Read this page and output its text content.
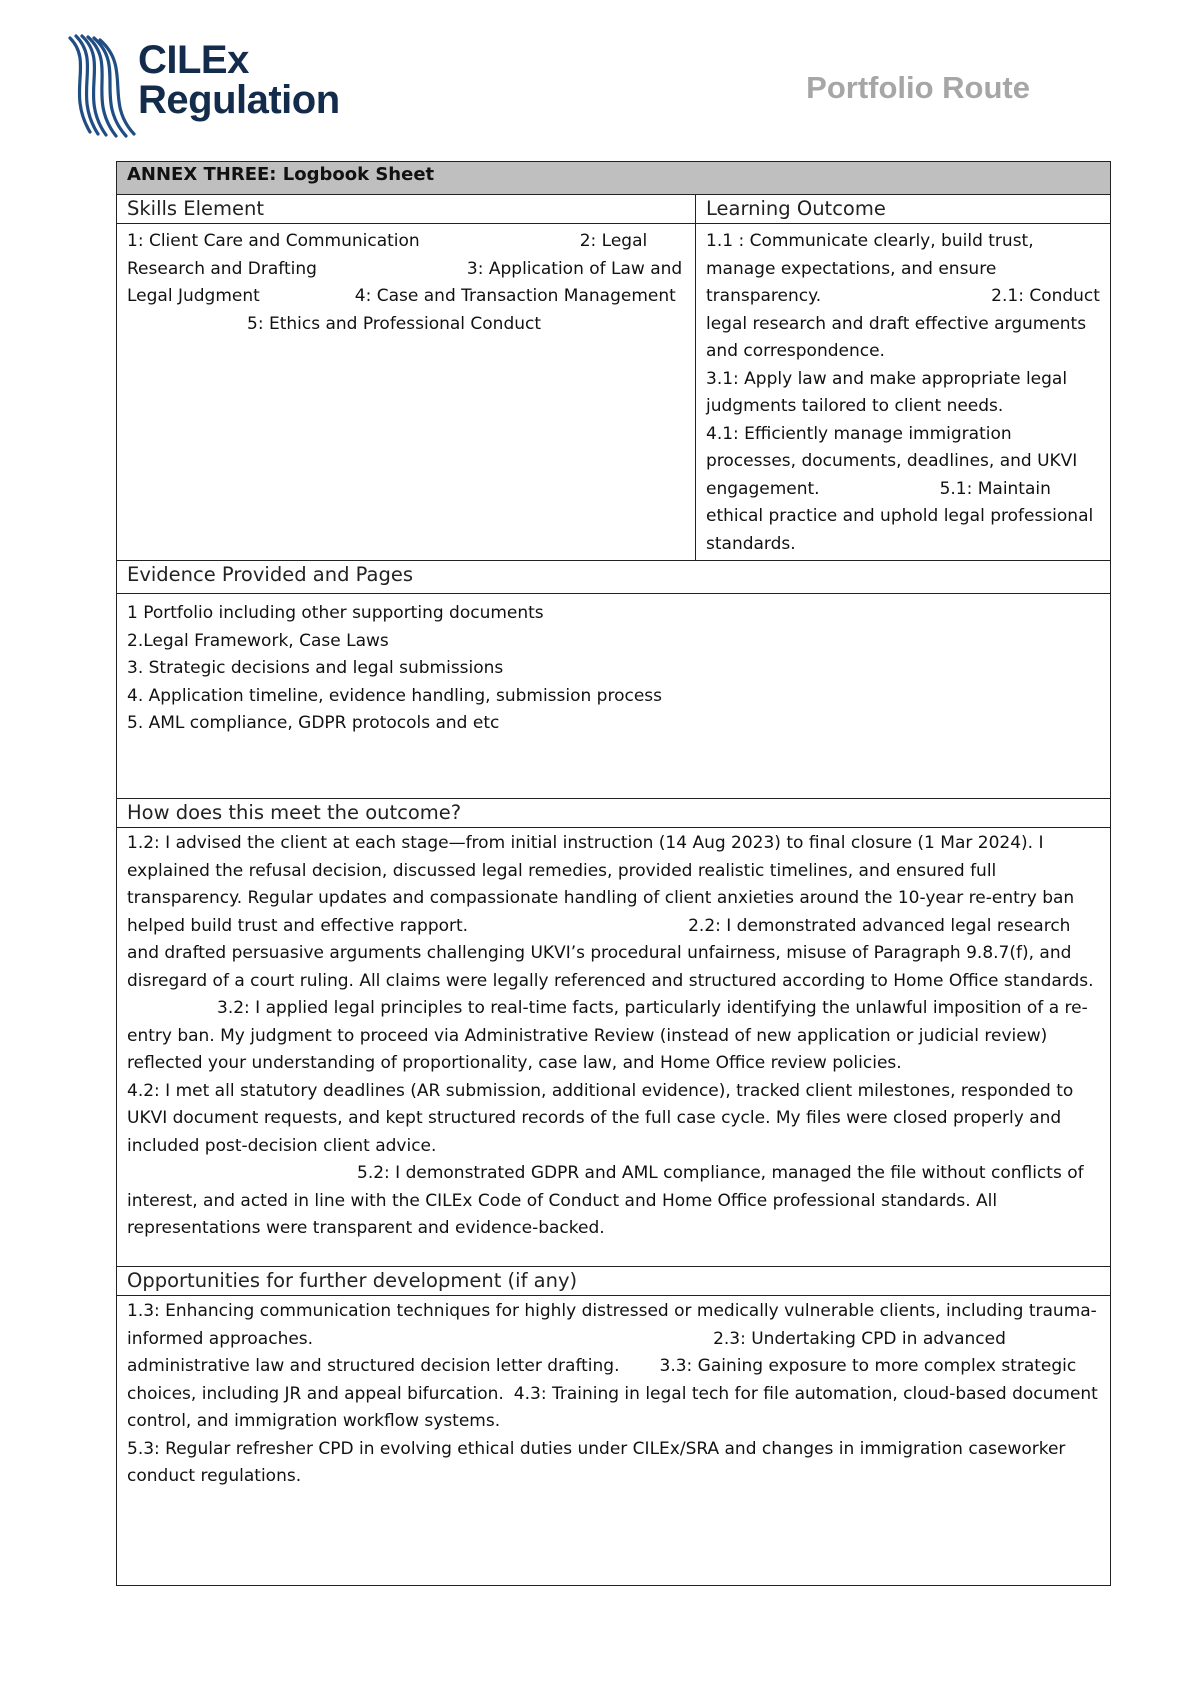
CILEx
Regulation	Portfolio Route
ANNEX THREE: Logbook Sheet	
Skills Element	Learning Outcome
1: Client Care and Communication 2: Legal Research and Drafting 3: Application of Law and Legal Judgment 4: Case and Transaction Management5: Ethics and Professional Conduct	1.1 : Communicate clearly, build trust, manage expectations, and ensure transparency. 2.1: Conduct legal research and draft effective arguments and correspondence.
3.1: Apply law and make appropriate legal judgments tailored to client needs.
4.1: Efficiently manage immigration processes, documents, deadlines, and UKVI engagement. 5.1: Maintain ethical practice and uphold legal professional standards.
Evidence Provided and Pages	

1 Portfolio including other supporting documents
2.Legal Framework, Case Laws
3. Strategic decisions and legal submissions
4. Application timeline, evidence handling, submission process
5. AML compliance, GDPR protocols and etc	

How does this meet the outcome?	
1.2: I advised the client at each stage—from initial instruction (14 Aug 2023) to final closure (1 Mar 2024). I explained the refusal decision, discussed legal remedies, provided realistic timelines, and ensured full transparency. Regular updates and compassionate handling of client anxieties around the 10-year re-entry ban helped build trust and effective rapport. 2.2: I demonstrated advanced legal research and drafted persuasive arguments challenging UKVI’s procedural unfairness, misuse of Paragraph 9.8.7(f), and disregard of a court ruling. All claims were legally referenced and structured according to Home Office standards.3.2: I applied legal principles to real-time facts, particularly identifying the unlawful imposition of a re-entry ban. My judgment to proceed via Administrative Review (instead of new application or judicial review) reflected your understanding of proportionality, case law, and Home Office review policies.
4.2: I met all statutory deadlines (AR submission, additional evidence), tracked client milestones, responded to UKVI document requests, and kept structured records of the full case cycle. My files were closed properly and included post-decision client advice.
5.2: I demonstrated GDPR and AML compliance, managed the file without conflicts of interest, and acted in line with the CILEx Code of Conduct and Home Office professional standards. All representations were transparent and evidence-backed.	
Opportunities for further development (if any)	
1.3: Enhancing communication techniques for highly distressed or medically vulnerable clients, including trauma-informed approaches. 2.3: Undertaking CPD in advanced administrative law and structured decision letter drafting. 3.3: Gaining exposure to more complex strategic choices, including JR and appeal bifurcation. 4.3: Training in legal tech for file automation, cloud-based document control, and immigration workflow systems.
5.3: Regular refresher CPD in evolving ethical duties under CILEx/SRA and changes in immigration caseworker conduct regulations.	
